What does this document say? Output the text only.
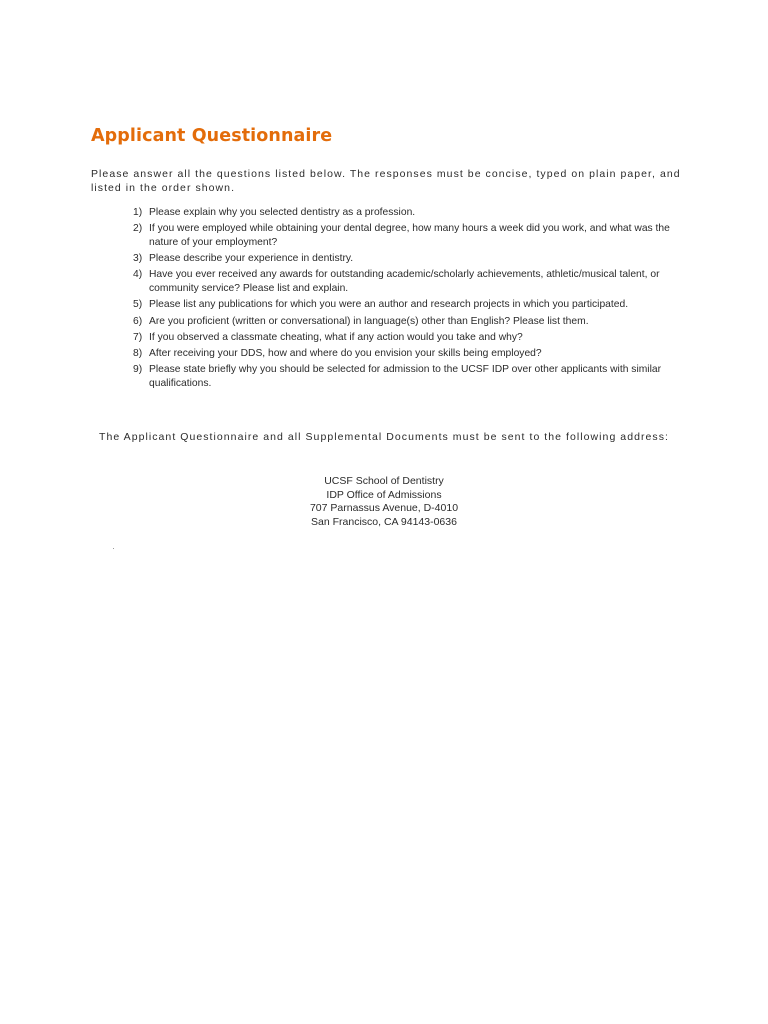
Applicant Questionnaire

Please answer all the questions listed below. The responses must be concise, typed on plain paper, and listed in the order shown.

1) Please explain why you selected dentistry as a profession.
2) If you were employed while obtaining your dental degree, how many hours a week did you work, and what was the nature of your employment?
3) Please describe your experience in dentistry.
4) Have you ever received any awards for outstanding academic/scholarly achievements, athletic/musical talent, or community service? Please list and explain.
5) Please list any publications for which you were an author and research projects in which you participated.
6) Are you proficient (written or conversational) in language(s) other than English? Please list them.
7) If you observed a classmate cheating, what if any action would you take and why?
8) After receiving your DDS, how and where do you envision your skills being employed?
9) Please state briefly why you should be selected for admission to the UCSF IDP over other applicants with similar qualifications.

The Applicant Questionnaire and all Supplemental Documents must be sent to the following address:

UCSF School of Dentistry
IDP Office of Admissions
707 Parnassus Avenue, D-4010
San Francisco, CA 94143-0636
